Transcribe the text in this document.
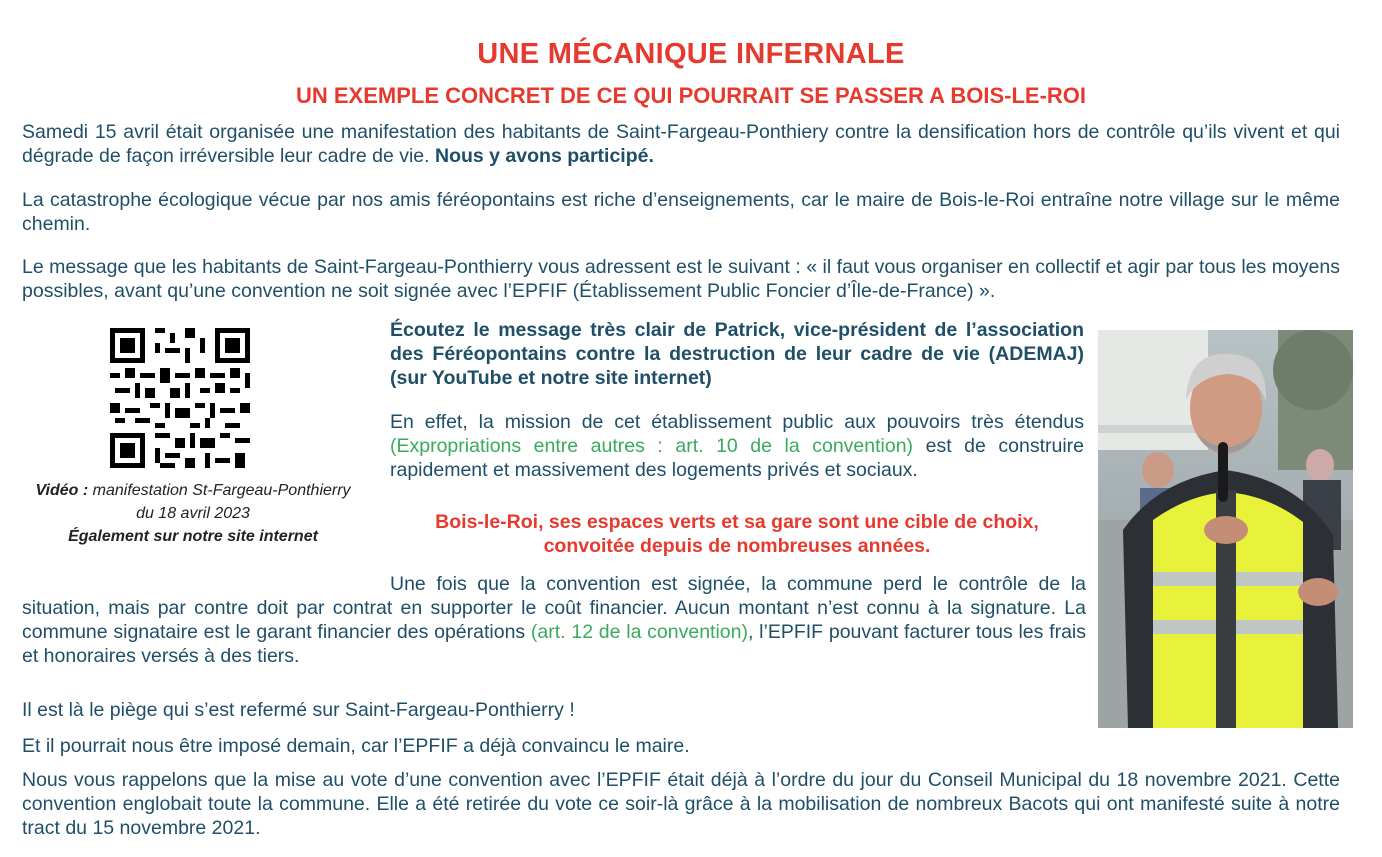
UNE MÉCANIQUE INFERNALE
UN EXEMPLE CONCRET DE CE QUI POURRAIT SE PASSER A BOIS-LE-ROI
Samedi 15 avril était organisée une manifestation des habitants de Saint-Fargeau-Ponthiery contre la densification hors de contrôle qu’ils vivent et qui dégrade de façon irréversible leur cadre de vie. Nous y avons participé.
La catastrophe écologique vécue par nos amis féréopontains est riche d’enseignements, car le maire de Bois-le-Roi entraîne notre village sur le même chemin.
Le message que les habitants de Saint-Fargeau-Ponthierry vous adressent est le suivant : « il faut vous organiser en collectif et agir par tous les moyens possibles, avant qu’une convention ne soit signée avec l’EPFIF (Établissement Public Foncier d’Île-de-France) ».
Vidéo : manifestation St-Fargeau-Ponthierry
du 18 avril 2023
Également sur notre site internet
Écoutez le message très clair de Patrick, vice-président de l’association des Féréopontains contre la destruction de leur cadre de vie (ADEMAJ) (sur YouTube et notre site internet)
En effet, la mission de cet établissement public aux pouvoirs très étendus (Expropriations entre autres : art. 10 de la convention) est de construire rapidement et massivement des logements privés et sociaux.
Bois-le-Roi, ses espaces verts et sa gare sont une cible de choix, convoitée depuis de nombreuses années.
Une fois que la convention est signée, la commune perd le contrôle de la situation, mais par contre doit par contrat en supporter le coût financier. Aucun montant n’est connu à la signature. La commune signataire est le garant financier des opérations (art. 12 de la convention), l’EPFIF pouvant facturer tous les frais et honoraires versés à des tiers.
Il est là le piège qui s’est refermé sur Saint-Fargeau-Ponthierry !
Et il pourrait nous être imposé demain, car l’EPFIF a déjà convaincu le maire.
Nous vous rappelons que la mise au vote d’une convention avec l’EPFIF était déjà à l’ordre du jour du Conseil Municipal du 18 novembre 2021. Cette convention englobait toute la commune. Elle a été retirée du vote ce soir-là grâce à la mobilisation de nombreux Bacots qui ont manifesté suite à notre tract du 15 novembre 2021.
